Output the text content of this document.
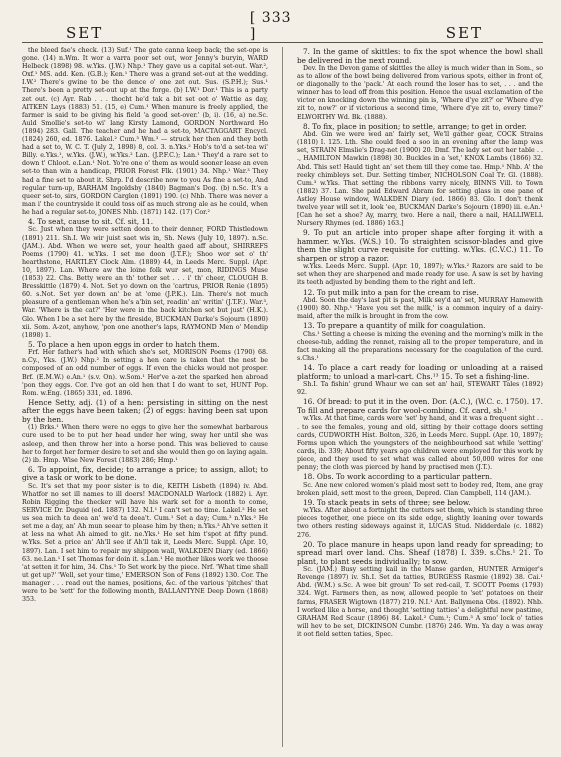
SET
[ 333 ]	SET

the bleed fae's check. (13) Suf.¹ The gate canna keep back; the set-ope is gone. (14) n.Wm. It wor a varra poor set out, wor Jenny's buryin, WARD Helbeck (1898) 98. w.Yks. (J.W.) Nhp.¹ They gave us a capital set-out. War.², Oxf.¹ MS. add. Ken. (G.B.); Ken.¹ There was a grand set-out at the wedding. I.W.² There's gwine to be the dence o' one zet out. Sus. (S.P.H.); Sus.¹ There's been a pretty set-out up at the forge. (b) I.W.¹ Dor.¹ This is a party zet out. (c) Ayr. Rab . . . thocht he'd tak a bit set oot o' Wattie as day, AITKEN Lays (1883) 51. (15, e) Cum.¹ When manure is freely applied, the farmer is said to be giving his field 'a good set-over.' (b, i). (16, a) ne.Sc. Auld Smollie's set-to wi' lang Kirsty Lamond, GORDON Northward Ho (1894) 283. Gall. The teacher and he had a set-to, MACTAGGART Encycl. (1824) 260, ed. 1876. Lakel.² Cum.³ Wm.³ — struck her then and they both had a set to, W. C. T. (July 2, 1898) 8, col. 3. n.Yks.² Hob's to'd a set-tea wi' Billy. e.Yks.¹, w.Yks. (J.W.), w.Yks.² Lan. (J.P.F.C.); Lan.¹ They'd a rare set to down t' Chloot. e.Lan.¹ Not. Yo're one o' them as would sooner lease an even set-to than win a handicap, PRIOR Forest Flk. (1901) 34. Nhp.¹ War.³ They had a fine set to about it. Shrp. I'd describe now to you As fine a set-to, And regular turn-up, BARHAM Ingoldsby (1840) Bagman's Dog. (b) n.Sc. It's a queer set-to, sirs, GORDON Carglen (1891) 190. (c) Nhb. There was never a man i' the countryside it could toss oif as much strong ale as he could, when he had a regular set-to, JONES Nhb. (1871) 142. (17) Cor.²

4. To seat, cause to sit. Cf. sit, 11.

Sc. Just when they were setten doon to their denner, FORD Thistledown (1891) 211. Sh.I. We wir juist saet wis in, Sh. News (July 10, 1897). n.Sc. (JAM.). Abd. When we were set, your health gaed aff about, SHIRREFS Poems (1790) 41. w.Yks. I set me doon (J.T.F.); Shoo wor set o' th' hearthstone, HARTLEY Clock Alm. (1889) 44, in Leeds Merc. Suppl. (Apr. 10, 1897). Lan. Where aw the loine folk wur set, mon, RIDINGS Muse (1853) 22. Chs. Betty were an th' tother set . . . i' th' cheer, CLOUGH B. Bresskittle (1879) 4. Not. Set yo down on the 'cartrus, PRIOR Renie (1895) 60. s.Not. Set yer down an' be at 'ome (J.P.K.). Lin. There's not much pleasure of a gentleman when he's a'bin set, readin' an' writin' (J.T.F.). War.³, War. 'Where is the cat?' 'Her were in the back kitchen sot but just' (H.K.). Glo. When I be a set here by the fireside, BUCKMAN Darke's Sojourn (1890) xii. Som. A-zot, anyhow, 'pon one another's laps, RAYMOND Men o' Mendip (1898) 1.

5. To place a hen upon eggs in order to hatch them.

Frf. Her father's had with which she's set, MORISON Poems (1790) 68. n.Cy., Yks. (J.W.) Nhp.² In setting a hen care is taken that the nest be composed of an odd number of eggs. If even the chicks would not prosper. Brf. (E.M.W.) e.An.¹ (s.v. On). w.Som.¹ Her've a-zet the sparked hen abroad 'pon they eggs. Cor. I've got an old hen that I do want to set, HUNT Pop. Rom. w.Eng. (1865) 331, ed. 1896.

Hence Setty, adj. (1) of a hen: persisting in sitting on the nest after the eggs have been taken; (2) of eggs: having been sat upon by the hen.

(1) Brks.¹ When there were no eggs to give her the somewhat barbarous cure used to be to put her head under her wing, sway her until she was asleep, and then throw her into a horse pond. This was believed to cause her to forget her former desire to set and she would then go on laying again. (2) ib. Hmp. Wise New Forest (1883) 286; Hmp.¹

6. To appoint, fix, decide; to arrange a price; to assign, allot; to give a task or work to be done.

Sc. It's set that my poor sister is to die, KEITH Lisbeth (1894) iv. Abd. Whatfor no set ill names to ill doers! MACDONALD Warlock (1882) i. Ayr. Robin Rigging the thecker will have his wark set for a month to come, SERVICE Dr. Duguid (ed. 1887) 132. N.I.¹ I can't set no time. Lakel.² He set us sea mich ta deea an' we'd ta deea't. Cum.¹ Set a day; Cum.³ n.Yks.² He set me a day, an' Ah mun seear to please him by then; n.Yks.³ Ah've setten it at less na what Ah aimed to git. ne.Yks.¹ He set him t'spot at fifty pund. w.Yks. Set a price an' Ah'll see if Ah'll tak it, Leeds Merc. Suppl. (Apr. 10, 1897). Lan. I set him to repair my shippon wall, WALKDEN Diary (ed. 1866) 63. ne.Lan.¹ I set Thomas for doin it. s.Lan.¹ He mother likes work we thoose 'at setten it for him, 34. Chs.¹ To Set work by the piece. Nrf. 'What time shall ut get up?' 'Well, set your time,' EMERSON Son of Fens (1892) 130. Cor. The manager . . . read out the names, positions, &c. of the various 'pitches' that were to be 'sett' for the following month, BALLANTYNE Deep Down (1868) 353.

7. In the game of skittles: to fix the spot whence the bowl shall be delivered in the next round.

Dev. In the Devon game of skittles the alley is much wider than in Som., so as to allow of the bowl being delivered from various spots, either in front of, or diagonally to the 'pack.' At each round the loser has to set, . . . and the winner has to lead off from this position. Hence the usual exclamation of the victor on knocking down the winning pin is, 'Where d'ye zit?' or 'Where d'ye zit to, now?' or if victorious a second time, 'Where d'ye zit to, every time?' ELWORTHY Wd. Bk. (1888).

8. To fix, place in position; to settle, arrange; to get in order.

Abd. Gin we were wed an' fairly set, We'll gather gear, COCK Strains (1810) I. 125. Lth. She could feed a soo in an evening after the lamp was set, STRAIN Elmslie's Drag-net (1900) 20. Dmf. The lady set out her table . . ., HAMILTON Mawkin (1898) 30. Buckles in a 'set,' KNOX Lambs (1866) 32. Abd. This set! Hauld tight an' set them till they come tae. Hmp.¹ Nhb. A' the reeky chimbleys set. Dur. Setting timber, NICHOLSON Coal Tr. Gl. (1888). Cum.³ w.Yks. That setting the ribbons varry nicely, BINNS Vill. to Town (1882) 37. Lan. She paid Edward Abram for setting glass in one pane of Astley House window, WALKDEN Diary (ed. 1866) 83. Glo. I don't thenk twelve year will set it, look 'ee, BUCKMAN Darke's Sojourn (1890) iii. e.An.¹ [Can he set a shoe? Ay, marry, two. Here a nail, there a nail, HALLIWELL Nursery Rhymes (ed. 1886) 163.]

9. To put an article into proper shape after forging it with a hammer. w.Yks. (W.S.) 10. To straighten scissor-blades and give them the slight curve requisite for cutting. w.Yks. (C.V.C.) 11. To sharpen or strop a razor.

w.Yks. Leeds Merc. Suppl. (Apr. 10, 1897); w.Yks.² Razors are said to be set when they are sharpened and made ready for use. A saw is set by having its teeth adjusted by bending them to the right and left.

12. To put milk into a pan for the cream to rise.

Abd. Soon the day's last pit is past, Milk sey'd an' set, MURRAY Hamewith (1900) 80. Nhp.¹ 'Have you set the milk,' is a common inquiry of a dairy-maid, after the milk is brought in from the cow.

13. To prepare a quantity of milk for coagulation.

Chs.¹ Setting a cheese is mixing the evening and the morning's milk in the cheese-tub, adding the rennet, raising all to the proper temperature, and in fact making all the preparations necessary for the coagulation of the curd. s.Chs.¹

14. To place a cart ready for loading or unloading at a raised platform; to unload a marl-cart. Chs.¹³ 15. To set a fishing-line.

Sh.I. Ta fishin' grund Whaur we can set an' hail, STEWART Tales (1892) 92.

16. Of bread: to put it in the oven. Dor. (A.C.), (W.C. c. 1750). 17. To fill and prepare cards for wool-combing. Cf. card, sb.¹

w.Yks. At that time, cards were 'set' by hand, and it was a frequent sight . . . to see the females, young and old, sitting by their cottage doors setting cards, CUDWORTH Hist. Bolton, 326, in Leeds Merc. Suppl. (Apr. 10, 1897); Forms upon which the youngsters of the neighbourhood sat while 'setting' cards, ib. 339; About fifty years ago children were employed for this work by piece, and they used to set what was called about 50,000 wires for one penny; the cloth was pierced by hand by practised men (J.T.).

18. Obs. To work according to a particular pattern.

Sc. Ane new colored women's plaid most sett to bodey red, Item, ane gray broken plaid, sett most to the green, Depred. Clan Campbell, 114 (JAM.).

19. To stack peats in sets of three; see below.

w.Yks. After about a fortnight the cutters set them, which is standing three pieces together, one piece on its side edge, slightly leaning over towards two others resting sideways against it, LUCAS Stud. Nidderdale (c. 1882) 276.

20. To place manure in heaps upon land ready for spreading; to spread marl over land. Chs. Sheaf (1878) I. 339. s.Chs.¹ 21. To plant, to plant seeds individually; to sow.

Sc. (JAM.) Busy setting kail in the Manse garden, HUNTER Armiger's Revenge (1897) iv. Sh.I. Set da tatties, BURGESS Rasmie (1892) 38. Cai.¹ Abd. (W.M.) s.Sc. A wee bit groun' To set red-cail, T. SCOTT Poems (1793) 324. Wgt. Farmers then, as now, allowed people to 'set' potatoes on their farms, FRASER Wigtown (1877) 219. N.I.¹ Ant. Ballymena Obs. (1892). Nhb. I worked like a horse, and thought 'setting tatties' a delightful new pastime, GRAHAM Red Scaur (1896) 84. Lakel.² Cum.¹; Cum.³ A smo' lock o' taties will hev to be set, DICKINSON Cumbr. (1876) 246. Wm. Ya day a was away it oot field setten taties, Spec.
